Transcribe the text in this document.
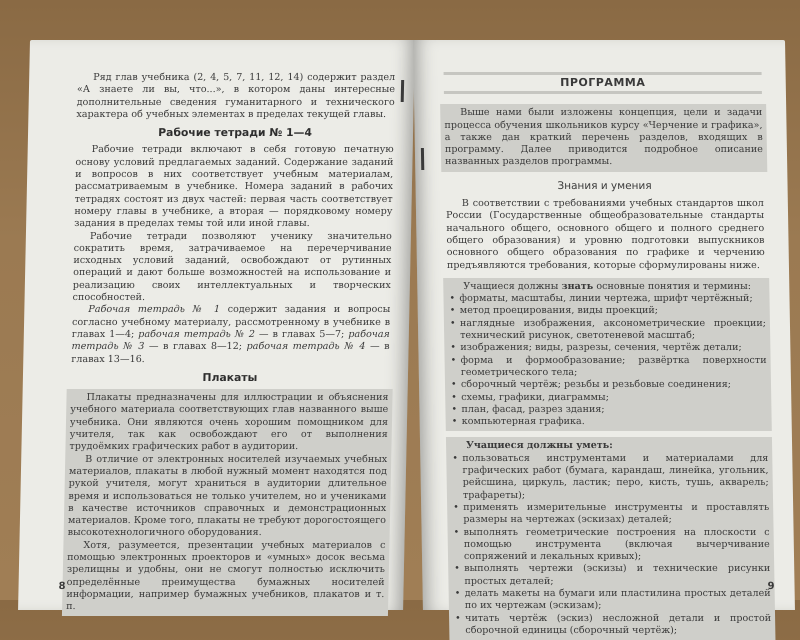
Ряд глав учебника (2, 4, 5, 7, 11, 12, 14) содержит раздел «А знаете ли вы, что...», в котором даны интересные дополнительные сведения гуманитарного и технического характера об учебных элементах в пределах текущей главы.

Рабочие тетради № 1—4

Рабочие тетради включают в себя готовую печатную основу условий предлагаемых заданий. Содержание заданий и вопросов в них соответствует учебным материалам, рассматриваемым в учебнике. Номера заданий в рабочих тетрадях состоят из двух частей: первая часть соответствует номеру главы в учебнике, а вторая — порядковому номеру задания в пределах темы той или иной главы.

Рабочие тетради позволяют ученику значительно сократить время, затрачиваемое на перечерчивание исходных условий заданий, освобождают от рутинных операций и дают больше возможностей на использование и реализацию своих интеллектуальных и творческих способностей.

Рабочая тетрадь № 1 содержит задания и вопросы согласно учебному материалу, рассмотренному в учебнике в главах 1—4; рабочая тетрадь № 2 — в главах 5—7; рабочая тетрадь № 3 — в главах 8—12; рабочая тетрадь № 4 — в главах 13—16.

Плакаты

Плакаты предназначены для иллюстрации и объяснения учебного материала соответствующих глав названного выше учебника. Они являются очень хорошим помощником для учителя, так как освобождают его от выполнения трудоёмких графических работ в аудитории.

В отличие от электронных носителей изучаемых учебных материалов, плакаты в любой нужный момент находятся под рукой учителя, могут храниться в аудитории длительное время и использоваться не только учителем, но и учениками в качестве источников справочных и демонстрационных материалов. Кроме того, плакаты не требуют дорогостоящего высокотехнологичного оборудования.

Хотя, разумеется, презентации учебных материалов с помощью электронных проекторов и «умных» досок весьма зрелищны и удобны, они не смогут полностью исключить определённые преимущества бумажных носителей информации, например бумажных учебников, плакатов и т. п.

8
ПРОГРАММА

Выше нами были изложены концепция, цели и задачи процесса обучения школьников курсу «Черчение и графика», а также дан краткий перечень разделов, входящих в программу. Далее приводится подробное описание названных разделов программы.

Знания и умения

В соответствии с требованиями учебных стандартов школ России (Государственные общеобразовательные стандарты начального общего, основного общего и полного среднего общего образования) и уровню подготовки выпускников основного общего образования по графике и черчению предъявляются требования, которые сформулированы ниже.

Учащиеся должны знать основные понятия и термины:

• форматы, масштабы, линии чертежа, шрифт чертёжный;
• метод проецирования, виды проекций;
• наглядные изображения, аксонометрические проекции; технический рисунок, светотеневой масштаб;
• изображения; виды, разрезы, сечения, чертёж детали;
• форма и формообразование; развёртка поверхности геометрического тела;
• сборочный чертёж; резьбы и резьбовые соединения;
• схемы, графики, диаграммы;
• план, фасад, разрез здания;
• компьютерная графика.

Учащиеся должны уметь:

• пользоваться инструментами и материалами для графических работ (бумага, карандаш, линейка, угольник, рейсшина, циркуль, ластик; перо, кисть, тушь, акварель; трафареты);
• применять измерительные инструменты и проставлять размеры на чертежах (эскизах) деталей;
• выполнять геометрические построения на плоскости с помощью инструмента (включая вычерчивание сопряжений и лекальных кривых);
• выполнять чертежи (эскизы) и технические рисунки простых деталей;
• делать макеты на бумаги или пластилина простых деталей по их чертежам (эскизам);
• читать чертёж (эскиз) несложной детали и простой сборочной единицы (сборочный чертёж);
9
